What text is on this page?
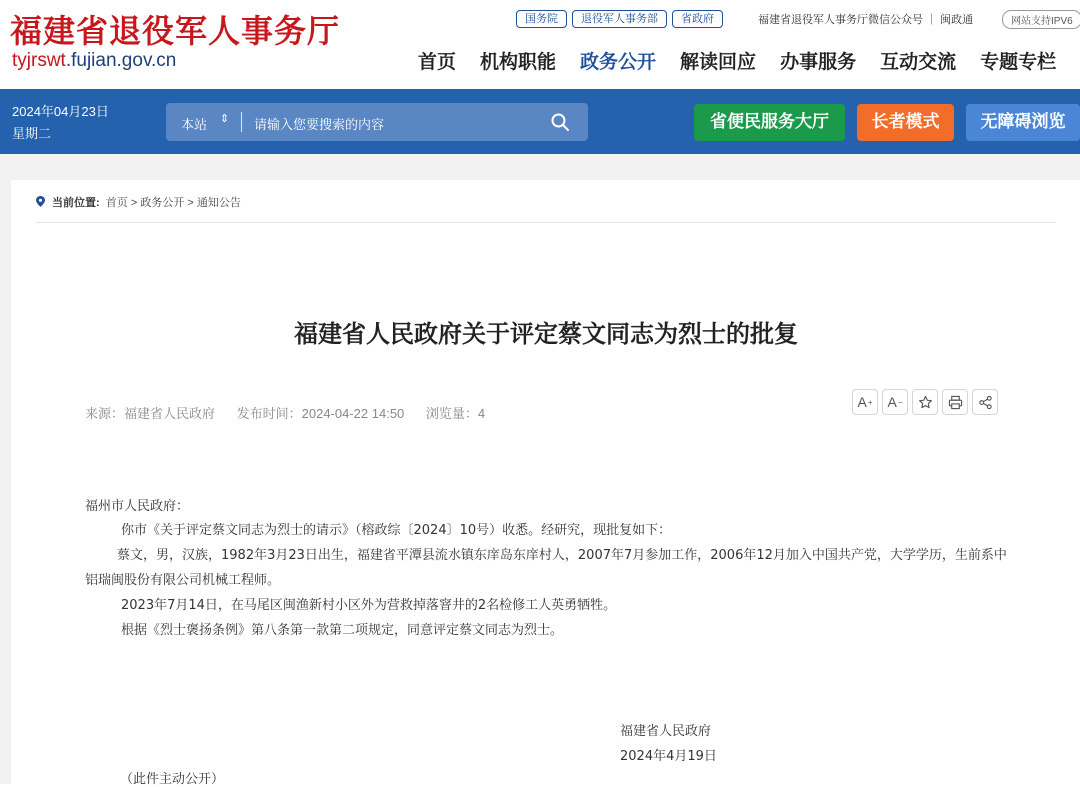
福建省退役军人事务厅
tyjrswt.fujian.gov.cn
国务院	退役军人事务部	省政府	福建省退役军人事务厅微信公众号 ｜ 闽政通	网站支持IPV6
首页 机构职能 政务公开 解读回应 办事服务 互动交流 专题专栏
2024年04月23日
星期二
本站 ⇕ 请输入您要搜索的内容	省便民服务大厅	长者模式	无障碍浏览
当前位置: 首页 > 政务公开 > 通知公告
福建省人民政府关于评定蔡文同志为烈士的批复
来源：福建省人民政府 发布时间：2024-04-22 14:50 浏览量：4
A +	A −
福州市人民政府：
你市《关于评定蔡文同志为烈士的请示》（榕政综〔2024〕10号）收悉。经研究，现批复如下：
蔡文，男，汉族，1982年3月23日出生，福建省平潭县流水镇东庠岛东庠村人，2007年7月参加工作，2006年12月加入中国共产党，大学学历，生前系中铝瑞闽股份有限公司机械工程师。
2023年7月14日，在马尾区闽渔新村小区外为营救掉落窨井的2名检修工人英勇牺牲。
根据《烈士褒扬条例》第八条第一款第二项规定，同意评定蔡文同志为烈士。
福建省人民政府
2024年4月19日
（此件主动公开）
